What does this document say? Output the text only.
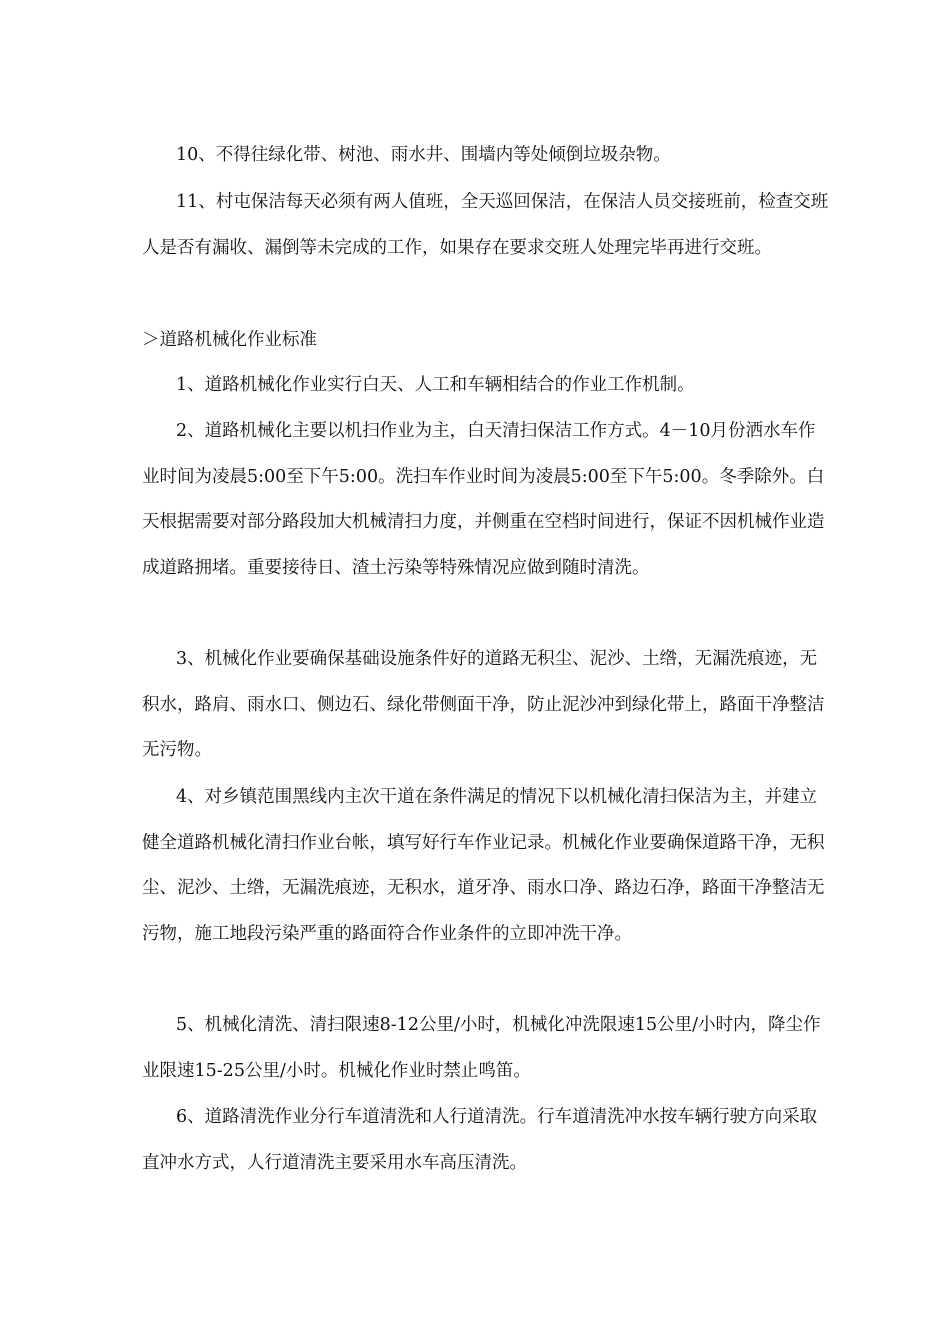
10、不得往绿化带、树池、雨水井、围墙内等处倾倒垃圾杂物。

11、村屯保洁每天必须有两人值班，全天巡回保洁，在保洁人员交接班前，检查交班人是否有漏收、漏倒等未完成的工作，如果存在要求交班人处理完毕再进行交班。

＞道路机械化作业标准

1、道路机械化作业实行白天、人工和车辆相结合的作业工作机制。

2、道路机械化主要以机扫作业为主，白天清扫保洁工作方式。4－10月份洒水车作业时间为凌晨5:00至下午5:00。洗扫车作业时间为凌晨5:00至下午5:00。冬季除外。白天根据需要对部分路段加大机械清扫力度，并侧重在空档时间进行，保证不因机械作业造成道路拥堵。重要接待日、渣土污染等特殊情况应做到随时清洗。

3、机械化作业要确保基础设施条件好的道路无积尘、泥沙、土绺，无漏洗痕迹，无积水，路肩、雨水口、侧边石、绿化带侧面干净，防止泥沙冲到绿化带上，路面干净整洁无污物。

4、对乡镇范围黑线内主次干道在条件满足的情况下以机械化清扫保洁为主，并建立健全道路机械化清扫作业台帐，填写好行车作业记录。机械化作业要确保道路干净，无积尘、泥沙、土绺，无漏洗痕迹，无积水，道牙净、雨水口净、路边石净，路面干净整洁无污物，施工地段污染严重的路面符合作业条件的立即冲洗干净。

5、机械化清洗、清扫限速8-12公里/小时，机械化冲洗限速15公里/小时内，降尘作业限速15-25公里/小时。机械化作业时禁止鸣笛。

6、道路清洗作业分行车道清洗和人行道清洗。行车道清洗冲水按车辆行驶方向采取直冲水方式，人行道清洗主要采用水车高压清洗。
